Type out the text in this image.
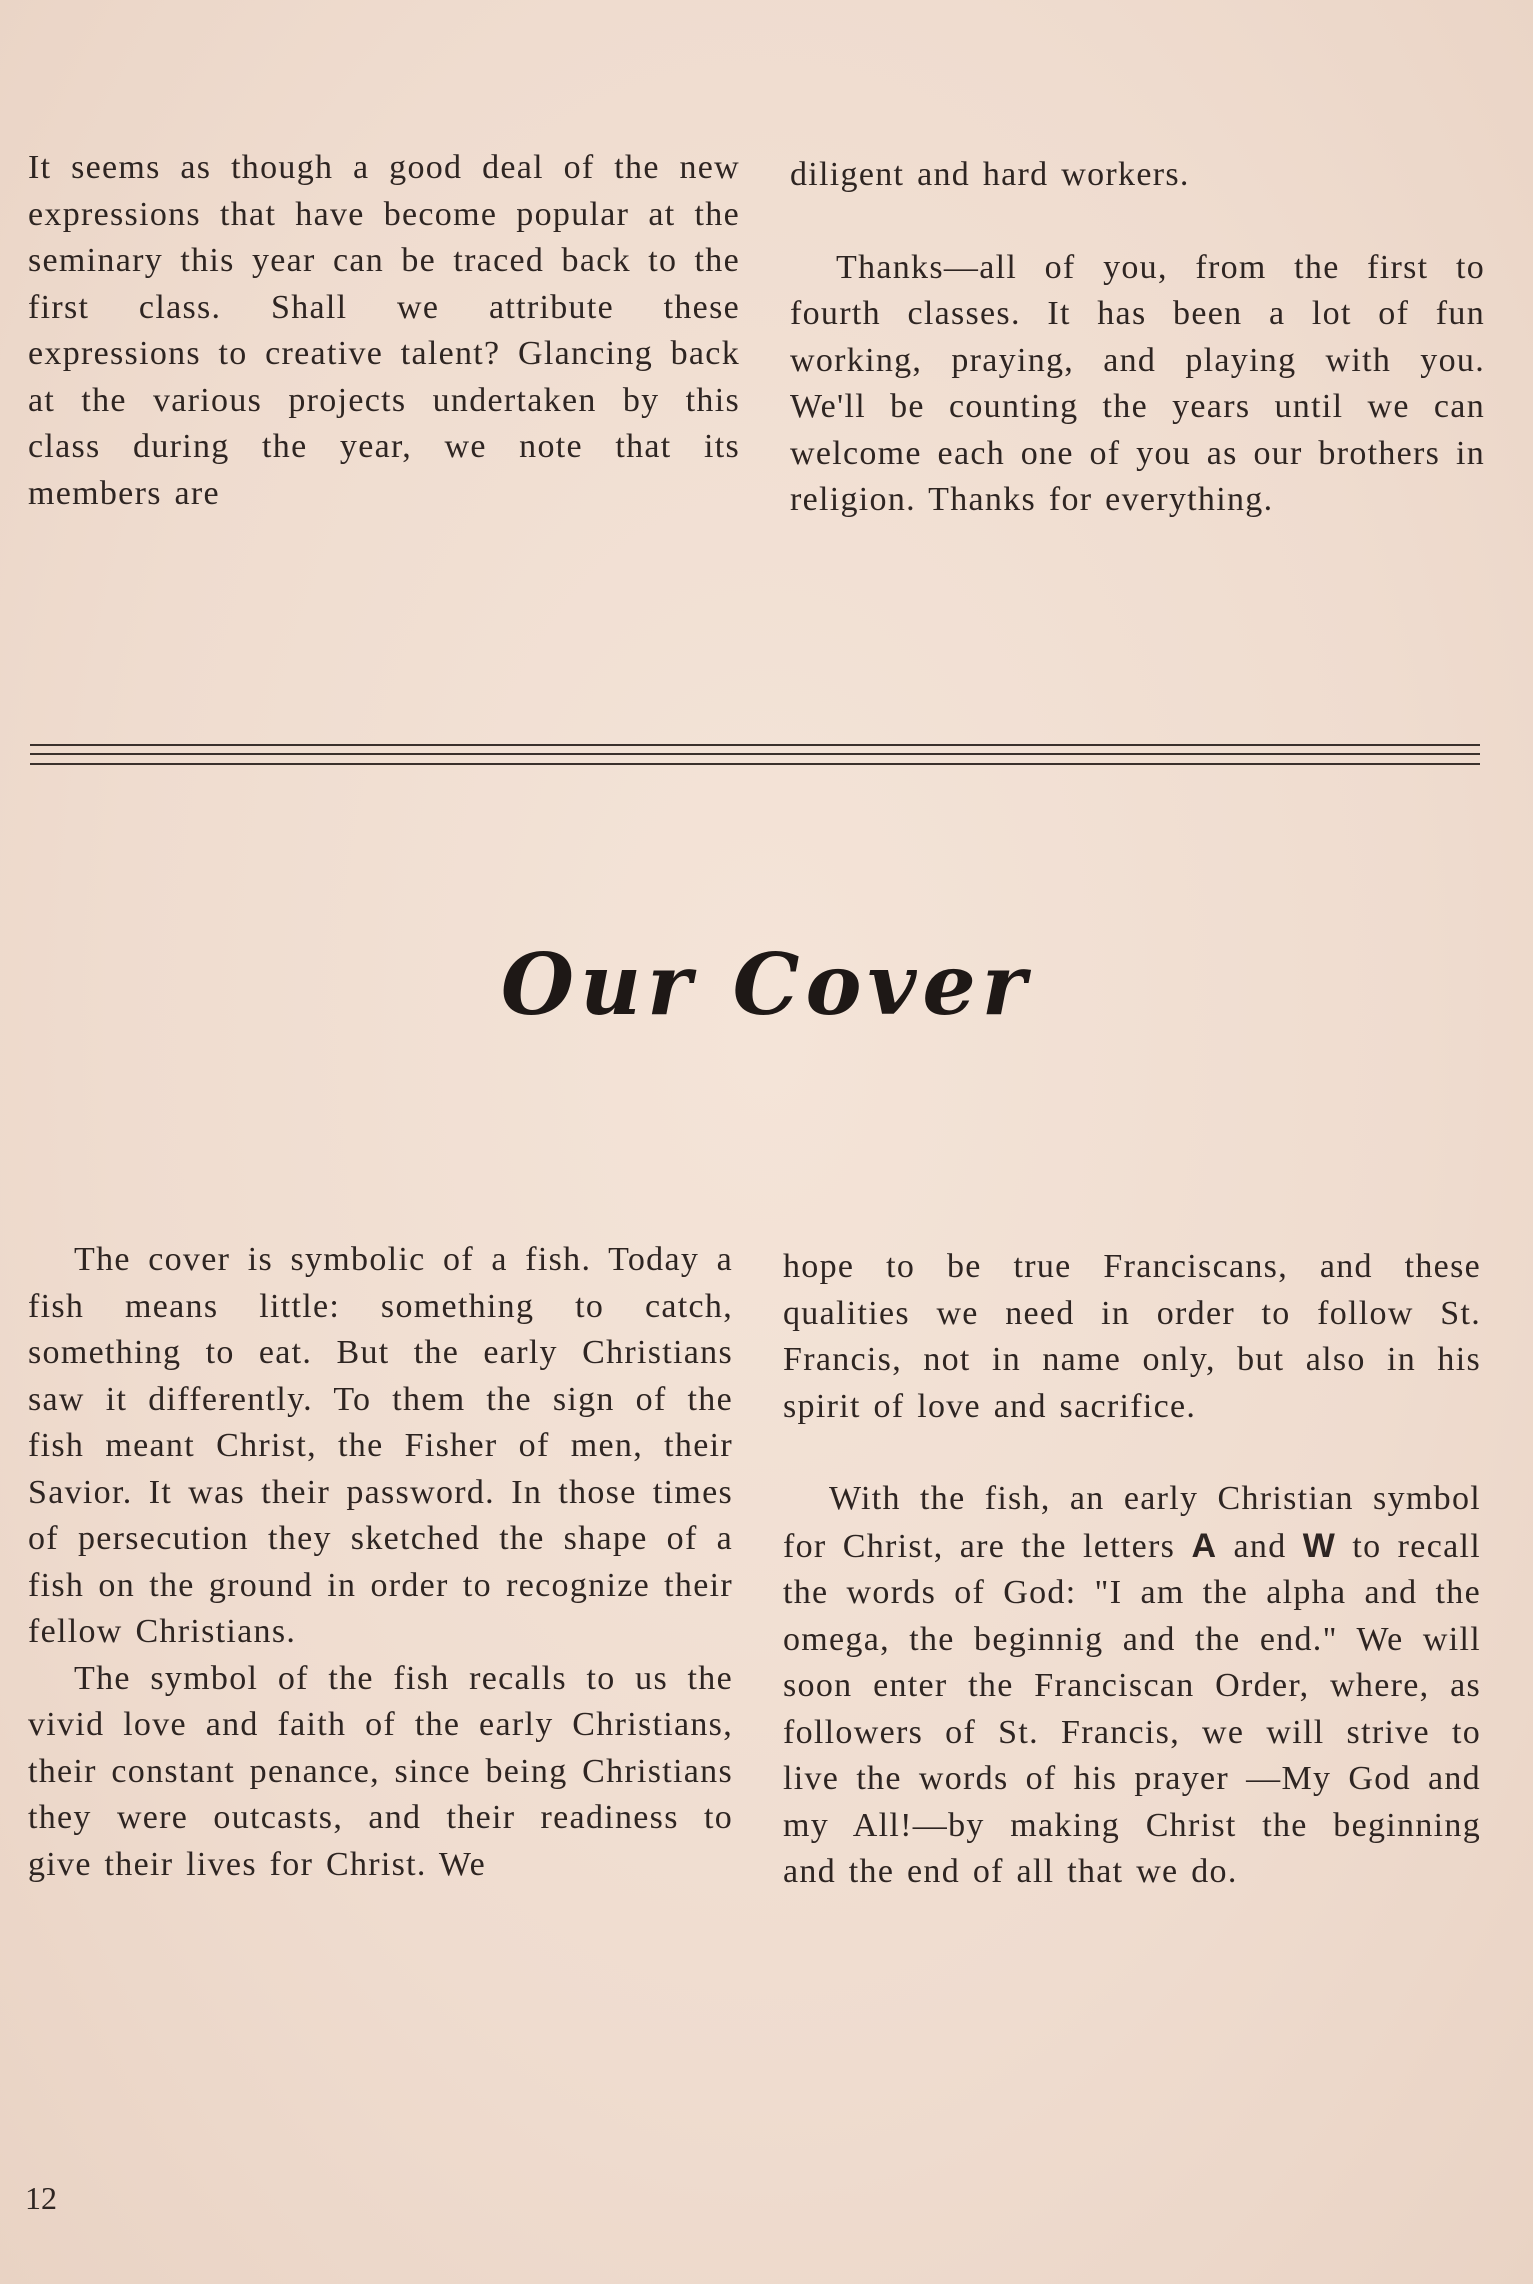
It seems as though a good deal of the new expressions that have become popular at the seminary this year can be traced back to the first class. Shall we attribute these expressions to creative talent? Glancing back at the various projects undertaken by this class during the year, we note that its members are

diligent and hard workers.

Thanks—all of you, from the first to fourth classes. It has been a lot of fun working, praying, and playing with you. We'll be counting the years until we can welcome each one of you as our brothers in religion. Thanks for everything.

Our Cover

The cover is symbolic of a fish. Today a fish means little: something to catch, something to eat. But the early Christians saw it differently. To them the sign of the fish meant Christ, the Fisher of men, their Savior. It was their password. In those times of persecution they sketched the shape of a fish on the ground in order to recognize their fellow Christians.

The symbol of the fish recalls to us the vivid love and faith of the early Christians, their constant penance, since being Christians they were outcasts, and their readiness to give their lives for Christ. We

hope to be true Franciscans, and these qualities we need in order to follow St. Francis, not in name only, but also in his spirit of love and sacrifice.

With the fish, an early Christian symbol for Christ, are the letters A and W to recall the words of God: "I am the alpha and the omega, the beginnig and the end." We will soon enter the Franciscan Order, where, as followers of St. Francis, we will strive to live the words of his prayer —My God and my All!—by making Christ the beginning and the end of all that we do.

12
